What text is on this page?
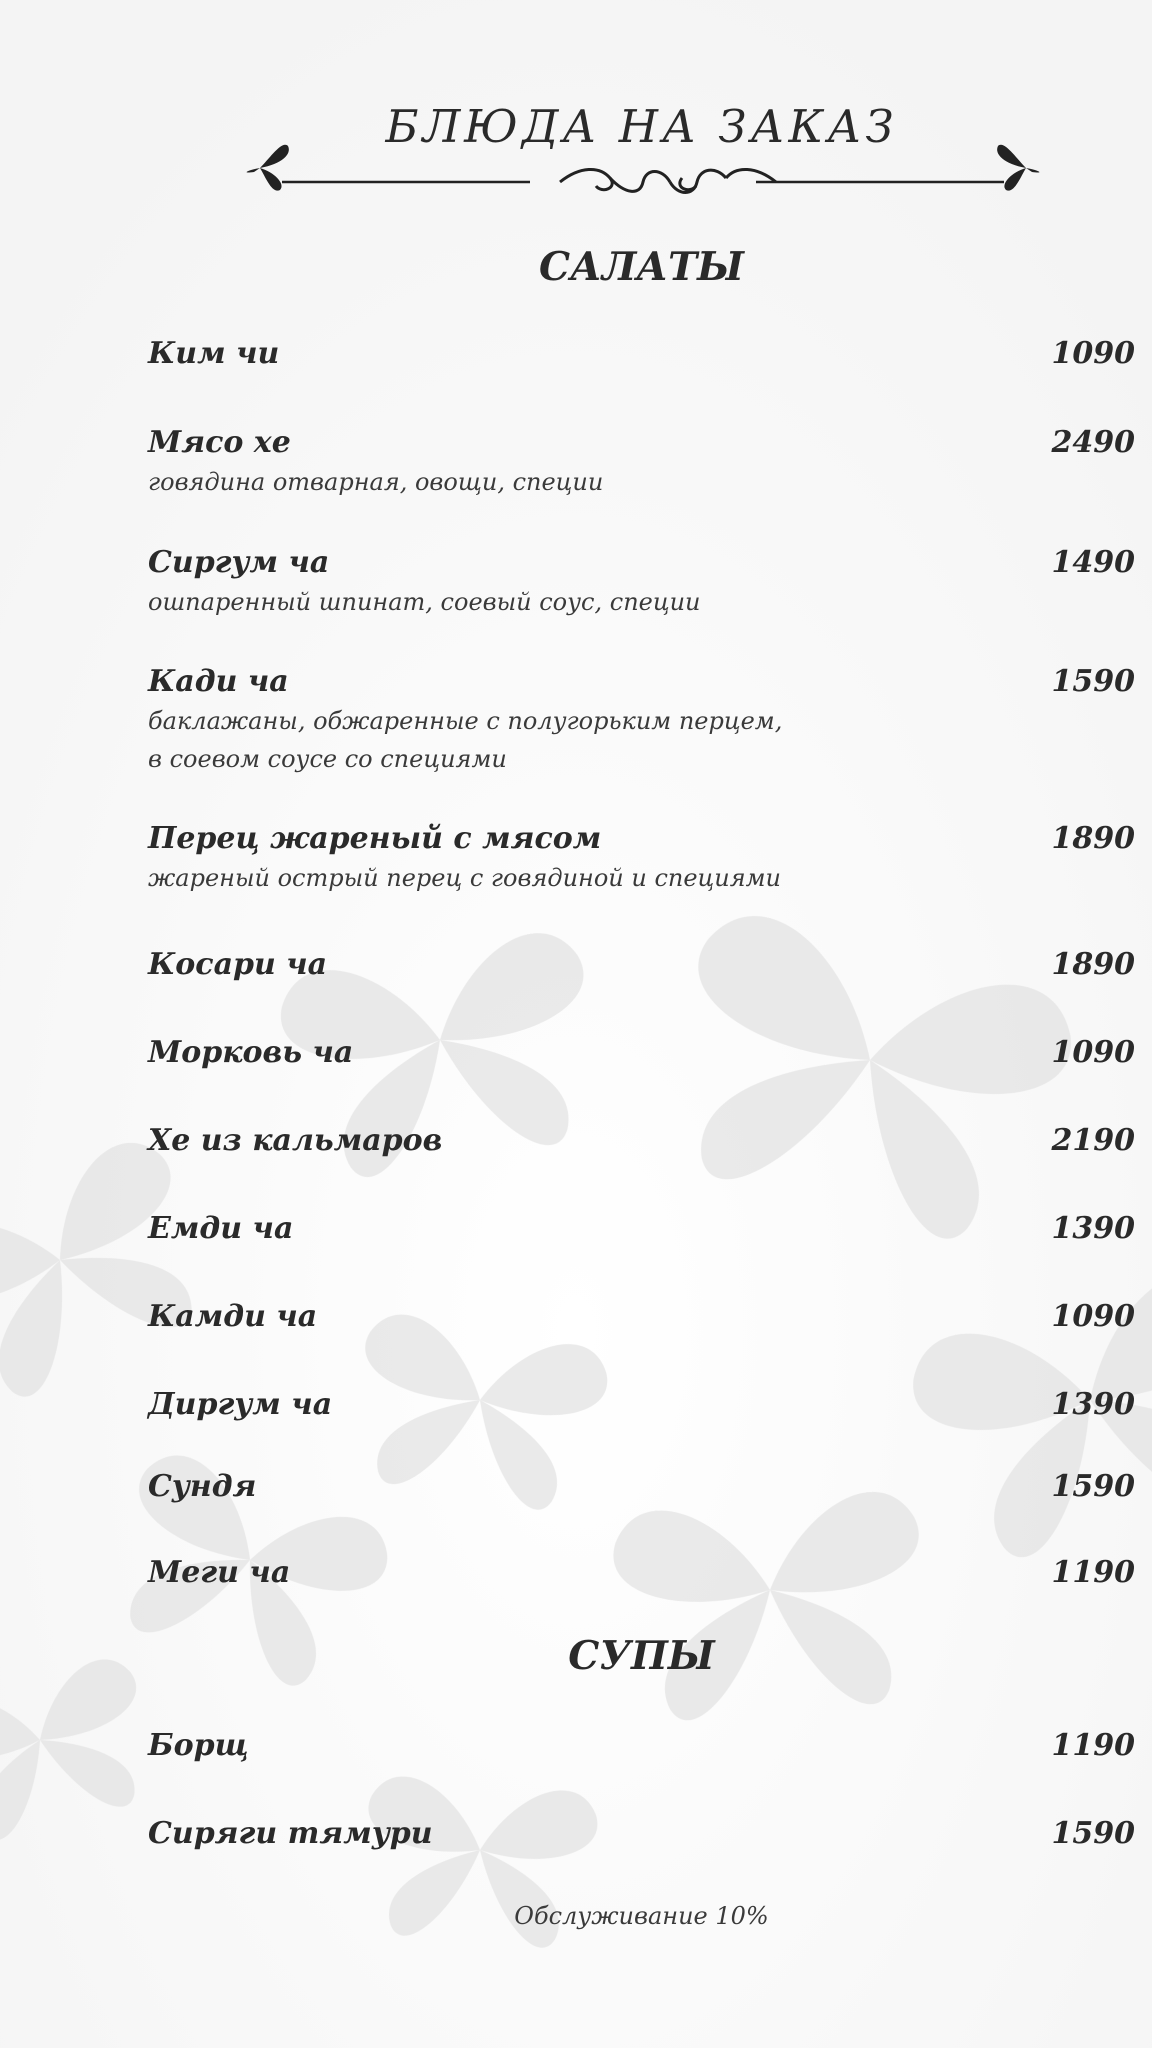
БЛЮДА НА ЗАКАЗ
САЛАТЫ
Ким чи	1090
Мясо хе	2490
говядина отварная, овощи, специи
Сиргум ча	1490
ошпаренный шпинат, соевый соус, специи
Кади ча	1590
баклажаны, обжаренные с полугорьким перцем,
в соевом соусе со специями
Перец жареный с мясом	1890
жареный острый перец с говядиной и специями
Косари ча	1890
Морковь ча	1090
Хе из кальмаров	2190
Емди ча	1390
Камди ча	1090
Диргум ча	1390
Сундя	1590
Меги ча	1190
СУПЫ
Борщ	1190
Сиряги тямури	1590
Обслуживание 10%
